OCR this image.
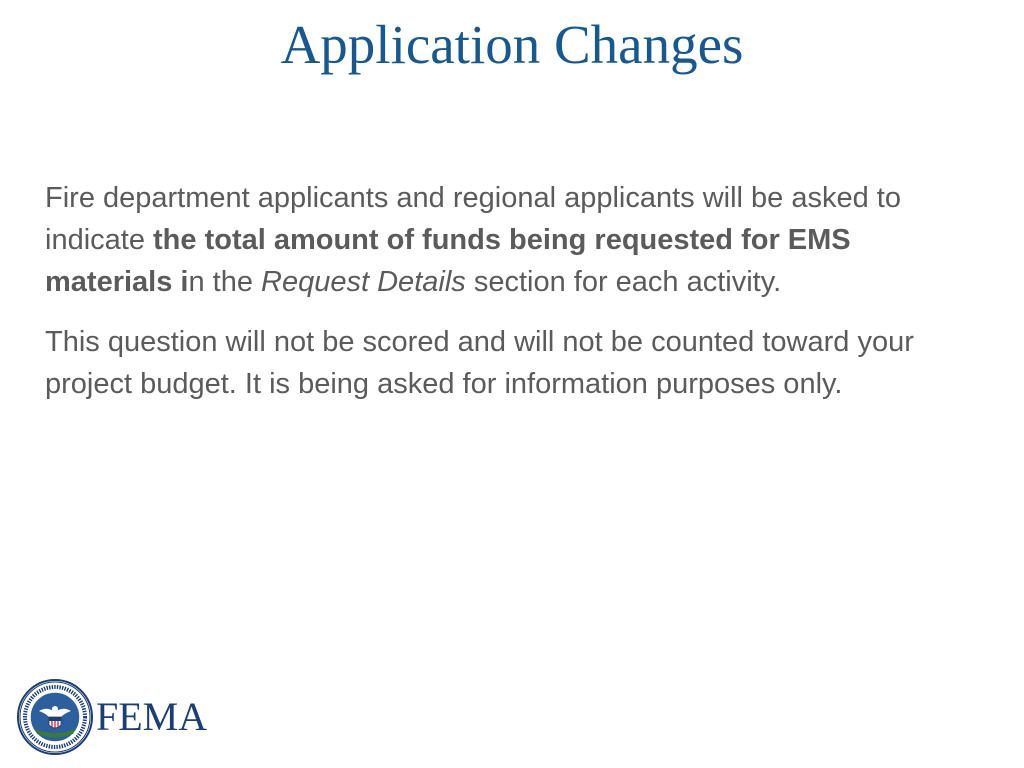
Application Changes

Fire department applicants and regional applicants will be asked to indicate the total amount of funds being requested for EMS materials in the Request Details section for each activity.

This question will not be scored and will not be counted toward your project budget. It is being asked for information purposes only.

FEMA
